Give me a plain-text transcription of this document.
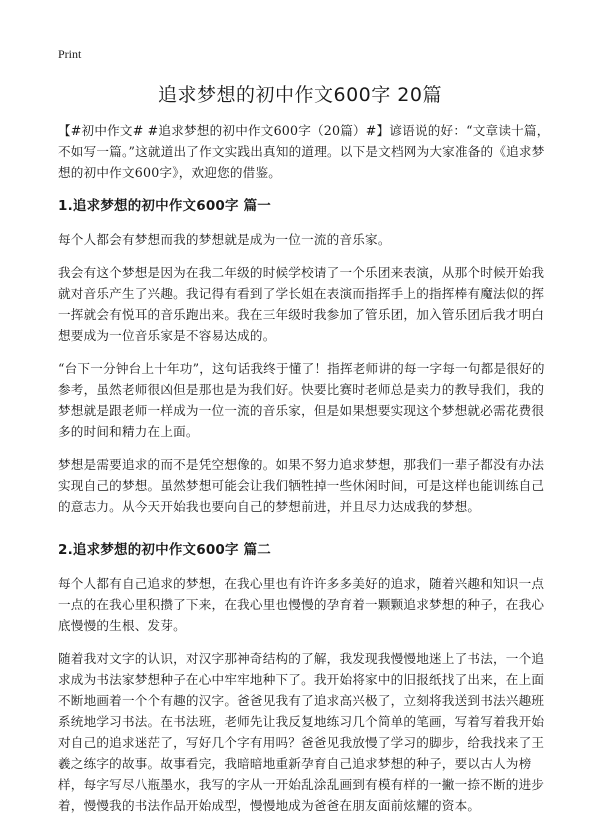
Print
追求梦想的初中作文600字 20篇

【#初中作文# #追求梦想的初中作文600字（20篇）#】谚语说的好：“文章读十篇，不如写一篇。”这就道出了作文实践出真知的道理。以下是文档网为大家准备的《追求梦想的初中作文600字》，欢迎您的借鉴。

1.追求梦想的初中作文600字 篇一

每个人都会有梦想而我的梦想就是成为一位一流的音乐家。

我会有这个梦想是因为在我二年级的时候学校请了一个乐团来表演，从那个时候开始我就对音乐产生了兴趣。我记得有看到了学长姐在表演而指挥手上的指挥棒有魔法似的挥一挥就会有悦耳的音乐跑出来。我在三年级时我参加了管乐团，加入管乐团后我才明白想要成为一位音乐家是不容易达成的。

“台下一分钟台上十年功”，这句话我终于懂了！指挥老师讲的每一字每一句都是很好的参考，虽然老师很凶但是那也是为我们好。快要比赛时老师总是卖力的教导我们，我的梦想就是跟老师一样成为一位一流的音乐家，但是如果想要实现这个梦想就必需花费很多的时间和精力在上面。

梦想是需要追求的而不是凭空想像的。如果不努力追求梦想，那我们一辈子都没有办法实现自己的梦想。虽然梦想可能会让我们牺牲掉一些休闲时间，可是这样也能训练自己的意志力。从今天开始我也要向自己的梦想前进，并且尽力达成我的梦想。

2.追求梦想的初中作文600字 篇二

每个人都有自己追求的梦想，在我心里也有许许多多美好的追求，随着兴趣和知识一点一点的在我心里积攒了下来，在我心里也慢慢的孕育着一颗颗追求梦想的种子，在我心底慢慢的生根、发芽。

随着我对文字的认识，对汉字那神奇结构的了解，我发现我慢慢地迷上了书法，一个追求成为书法家梦想种子在心中牢牢地种下了。我开始将家中的旧报纸找了出来，在上面不断地画着一个个有趣的汉字。爸爸见我有了追求高兴极了，立刻将我送到书法兴趣班系统地学习书法。在书法班，老师先让我反复地练习几个简单的笔画，写着写着我开始对自己的追求迷茫了，写好几个字有用吗？爸爸见我放慢了学习的脚步，给我找来了王羲之练字的故事。故事看完，我暗暗地重新孕育自己追求梦想的种子，要以古人为榜样，每字写尽八瓶墨水，我写的字从一开始乱涂乱画到有模有样的一撇一捺不断的进步着，慢慢我的书法作品开始成型，慢慢地成为爸爸在朋友面前炫耀的资本。
